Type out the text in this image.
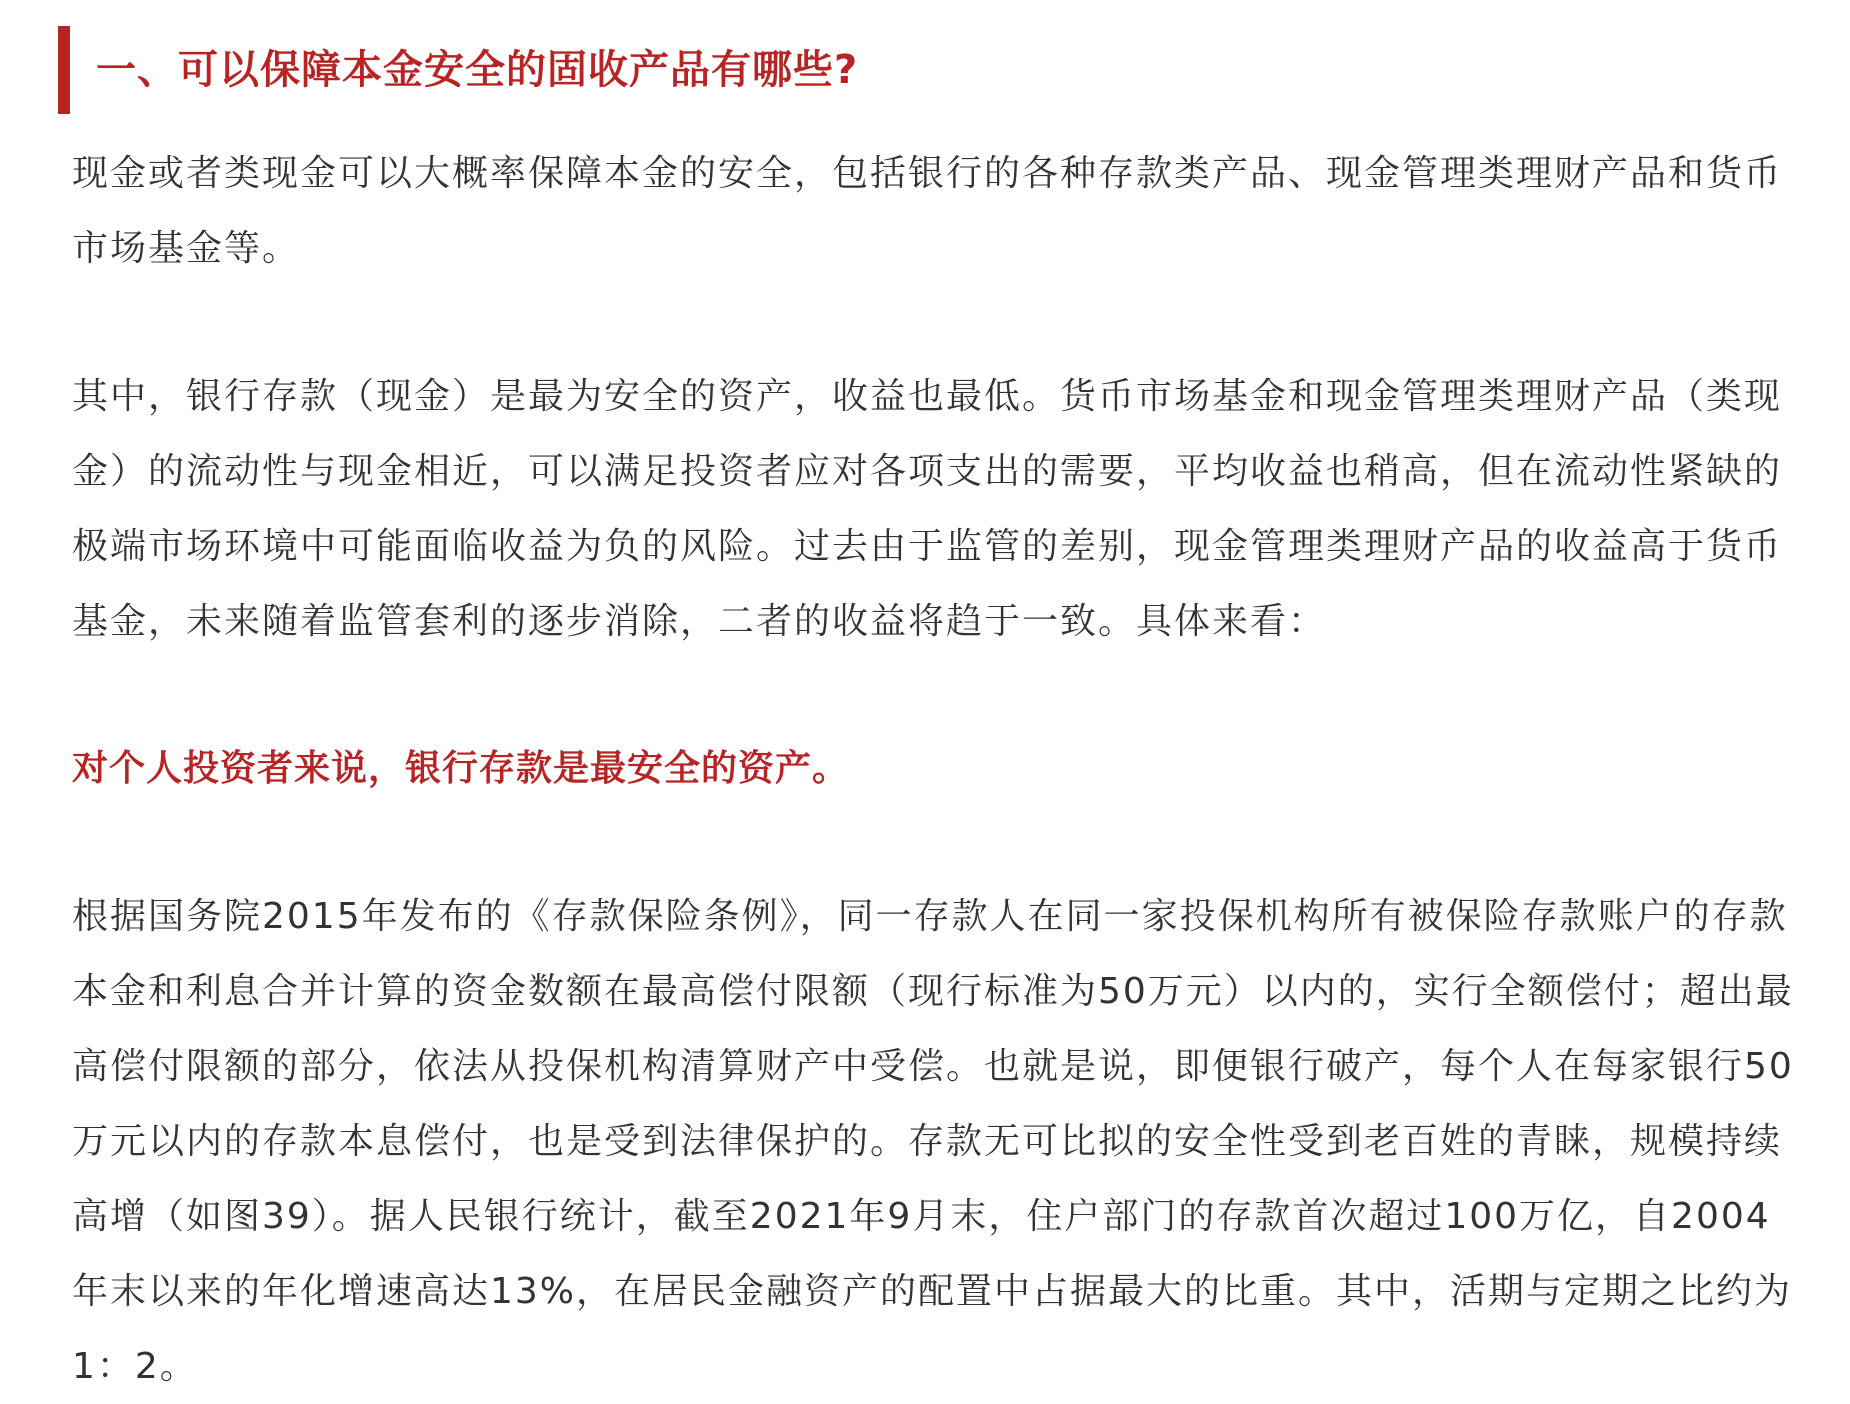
一、可以保障本金安全的固收产品有哪些?

现金或者类现金可以大概率保障本金的安全，包括银行的各种存款类产品、现金管理类理财产品和货币市场基金等。

其中，银行存款（现金）是最为安全的资产，收益也最低。货币市场基金和现金管理类理财产品（类现金）的流动性与现金相近，可以满足投资者应对各项支出的需要，平均收益也稍高，但在流动性紧缺的极端市场环境中可能面临收益为负的风险。过去由于监管的差别，现金管理类理财产品的收益高于货币基金，未来随着监管套利的逐步消除，二者的收益将趋于一致。具体来看：

对个人投资者来说，银行存款是最安全的资产。

根据国务院2015年发布的《存款保险条例》，同一存款人在同一家投保机构所有被保险存款账户的存款本金和利息合并计算的资金数额在最高偿付限额（现行标准为50万元）以内的，实行全额偿付；超出最高偿付限额的部分，依法从投保机构清算财产中受偿。也就是说，即便银行破产，每个人在每家银行50万元以内的存款本息偿付，也是受到法律保护的。存款无可比拟的安全性受到老百姓的青睐，规模持续高增（如图39）。据人民银行统计，截至2021年9月末，住户部门的存款首次超过100万亿，自2004年末以来的年化增速高达13%，在居民金融资产的配置中占据最大的比重。其中，活期与定期之比约为1：2。
